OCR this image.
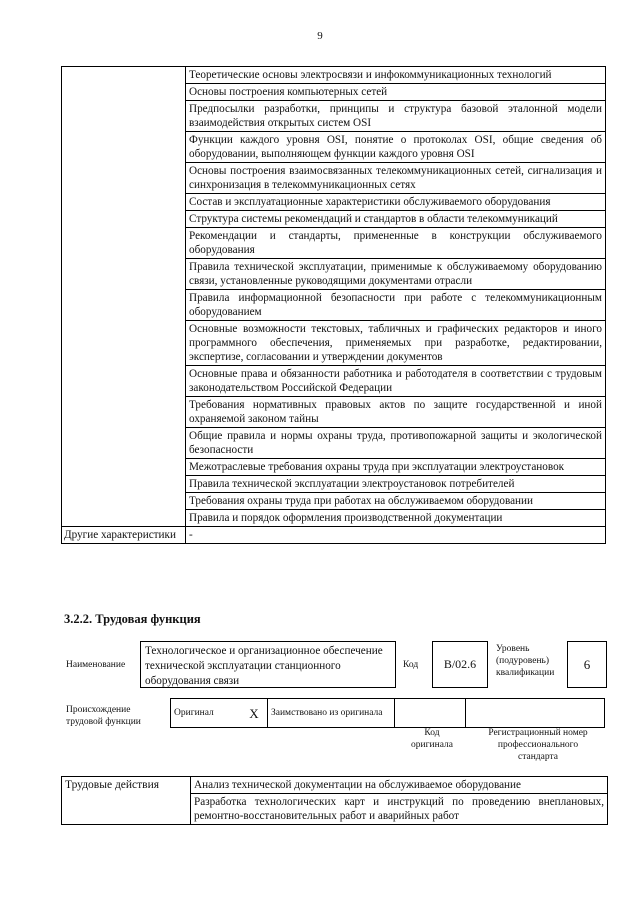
9
	Теоретические основы электросвязи и инфокоммуникационных технологий
	Основы построения компьютерных сетей
	Предпосылки разработки, принципы и структура базовой эталонной модели взаимодействия открытых систем OSI
	Функции каждого уровня OSI, понятие о протоколах OSI, общие сведения об оборудовании, выполняющем функции каждого уровня OSI
	Основы построения взаимосвязанных телекоммуникационных сетей, сигнализация и синхронизация в телекоммуникационных сетях
	Состав и эксплуатационные характеристики обслуживаемого оборудования
	Структура системы рекомендаций и стандартов в области телекоммуникаций
	Рекомендации и стандарты, примененные в конструкции обслуживаемого оборудования
	Правила технической эксплуатации, применимые к обслуживаемому оборудованию связи, установленные руководящими документами отрасли
	Правила информационной безопасности при работе с телекоммуникационным оборудованием
	Основные возможности текстовых, табличных и графических редакторов и иного программного обеспечения, применяемых при разработке, редактировании, экспертизе, согласовании и утверждении документов
	Основные права и обязанности работника и работодателя в соответствии с трудовым законодательством Российской Федерации
	Требования нормативных правовых актов по защите государственной и иной охраняемой законом тайны
	Общие правила и нормы охраны труда, противопожарной защиты и экологической безопасности
	Межотраслевые требования охраны труда при эксплуатации электроустановок
	Правила технической эксплуатации электроустановок потребителей
	Требования охраны труда при работах на обслуживаемом оборудовании
	Правила и порядок оформления производственной документации
Другие характеристики	-
3.2.2. Трудовая функция
Наименование
Технологическое и организационное обеспечение технической эксплуатации станционного оборудования связи
Код	B/02.6
Уровень (подуровень) квалификации
6
Происхождение трудовой функции
Оригинал	X	Заимствовано из оригинала		
Код оригинала
Регистрационный номер профессионального стандарта
Трудовые действия	Анализ технической документации на обслуживаемое оборудование
	Разработка технологических карт и инструкций по проведению внеплановых, ремонтно-восстановительных работ и аварийных работ
